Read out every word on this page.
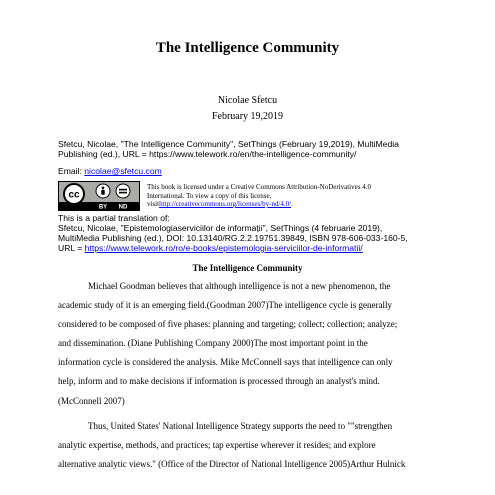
The Intelligence Community
Nicolae Sfetcu
February 19,2019
Sfetcu, Nicolae, "The Intelligence Community", SetThings (February 19,2019), MultiMedia
Publishing (ed.), URL = https://www.telework.ro/en/the-intelligence-community/
Email: nicolae@sfetcu.com
cc
BY ND
This book is licensed under a Creative Commons Attribution-NoDerivatives 4.0
International. To view a copy of this license,
visithttp://creativecommons.org/licenses/by-nd/4.0/.
This is a partial translation of:
Sfetcu, Nicolae, "Epistemologiaserviciilor de informații", SetThings (4 februarie 2019),
MultiMedia Publishing (ed.), DOI: 10.13140/RG.2.2.19751.39849, ISBN 978-606-033-160-5,
URL = https://www.telework.ro/ro/e-books/epistemologia-serviciilor-de-informatii/
The Intelligence Community
Michael Goodman believes that although intelligence is not a new phenomenon, the
academic study of it is an emerging field.(Goodman 2007)The intelligence cycle is generally
considered to be composed of five phases: planning and targeting; collect; collection; analyze;
and dissemination. (Diane Publishing Company 2000)The most important point in the
information cycle is considered the analysis. Mike McConnell says that intelligence can only
help, inform and to make decisions if information is processed through an analyst's mind.
(McConnell 2007)
Thus, United States' National Intelligence Strategy supports the need to ""strengthen
analytic expertise, methods, and practices; tap expertise wherever it resides; and explore
alternative analytic views." (Office of the Director of National Intelligence 2005)Arthur Hulnick
